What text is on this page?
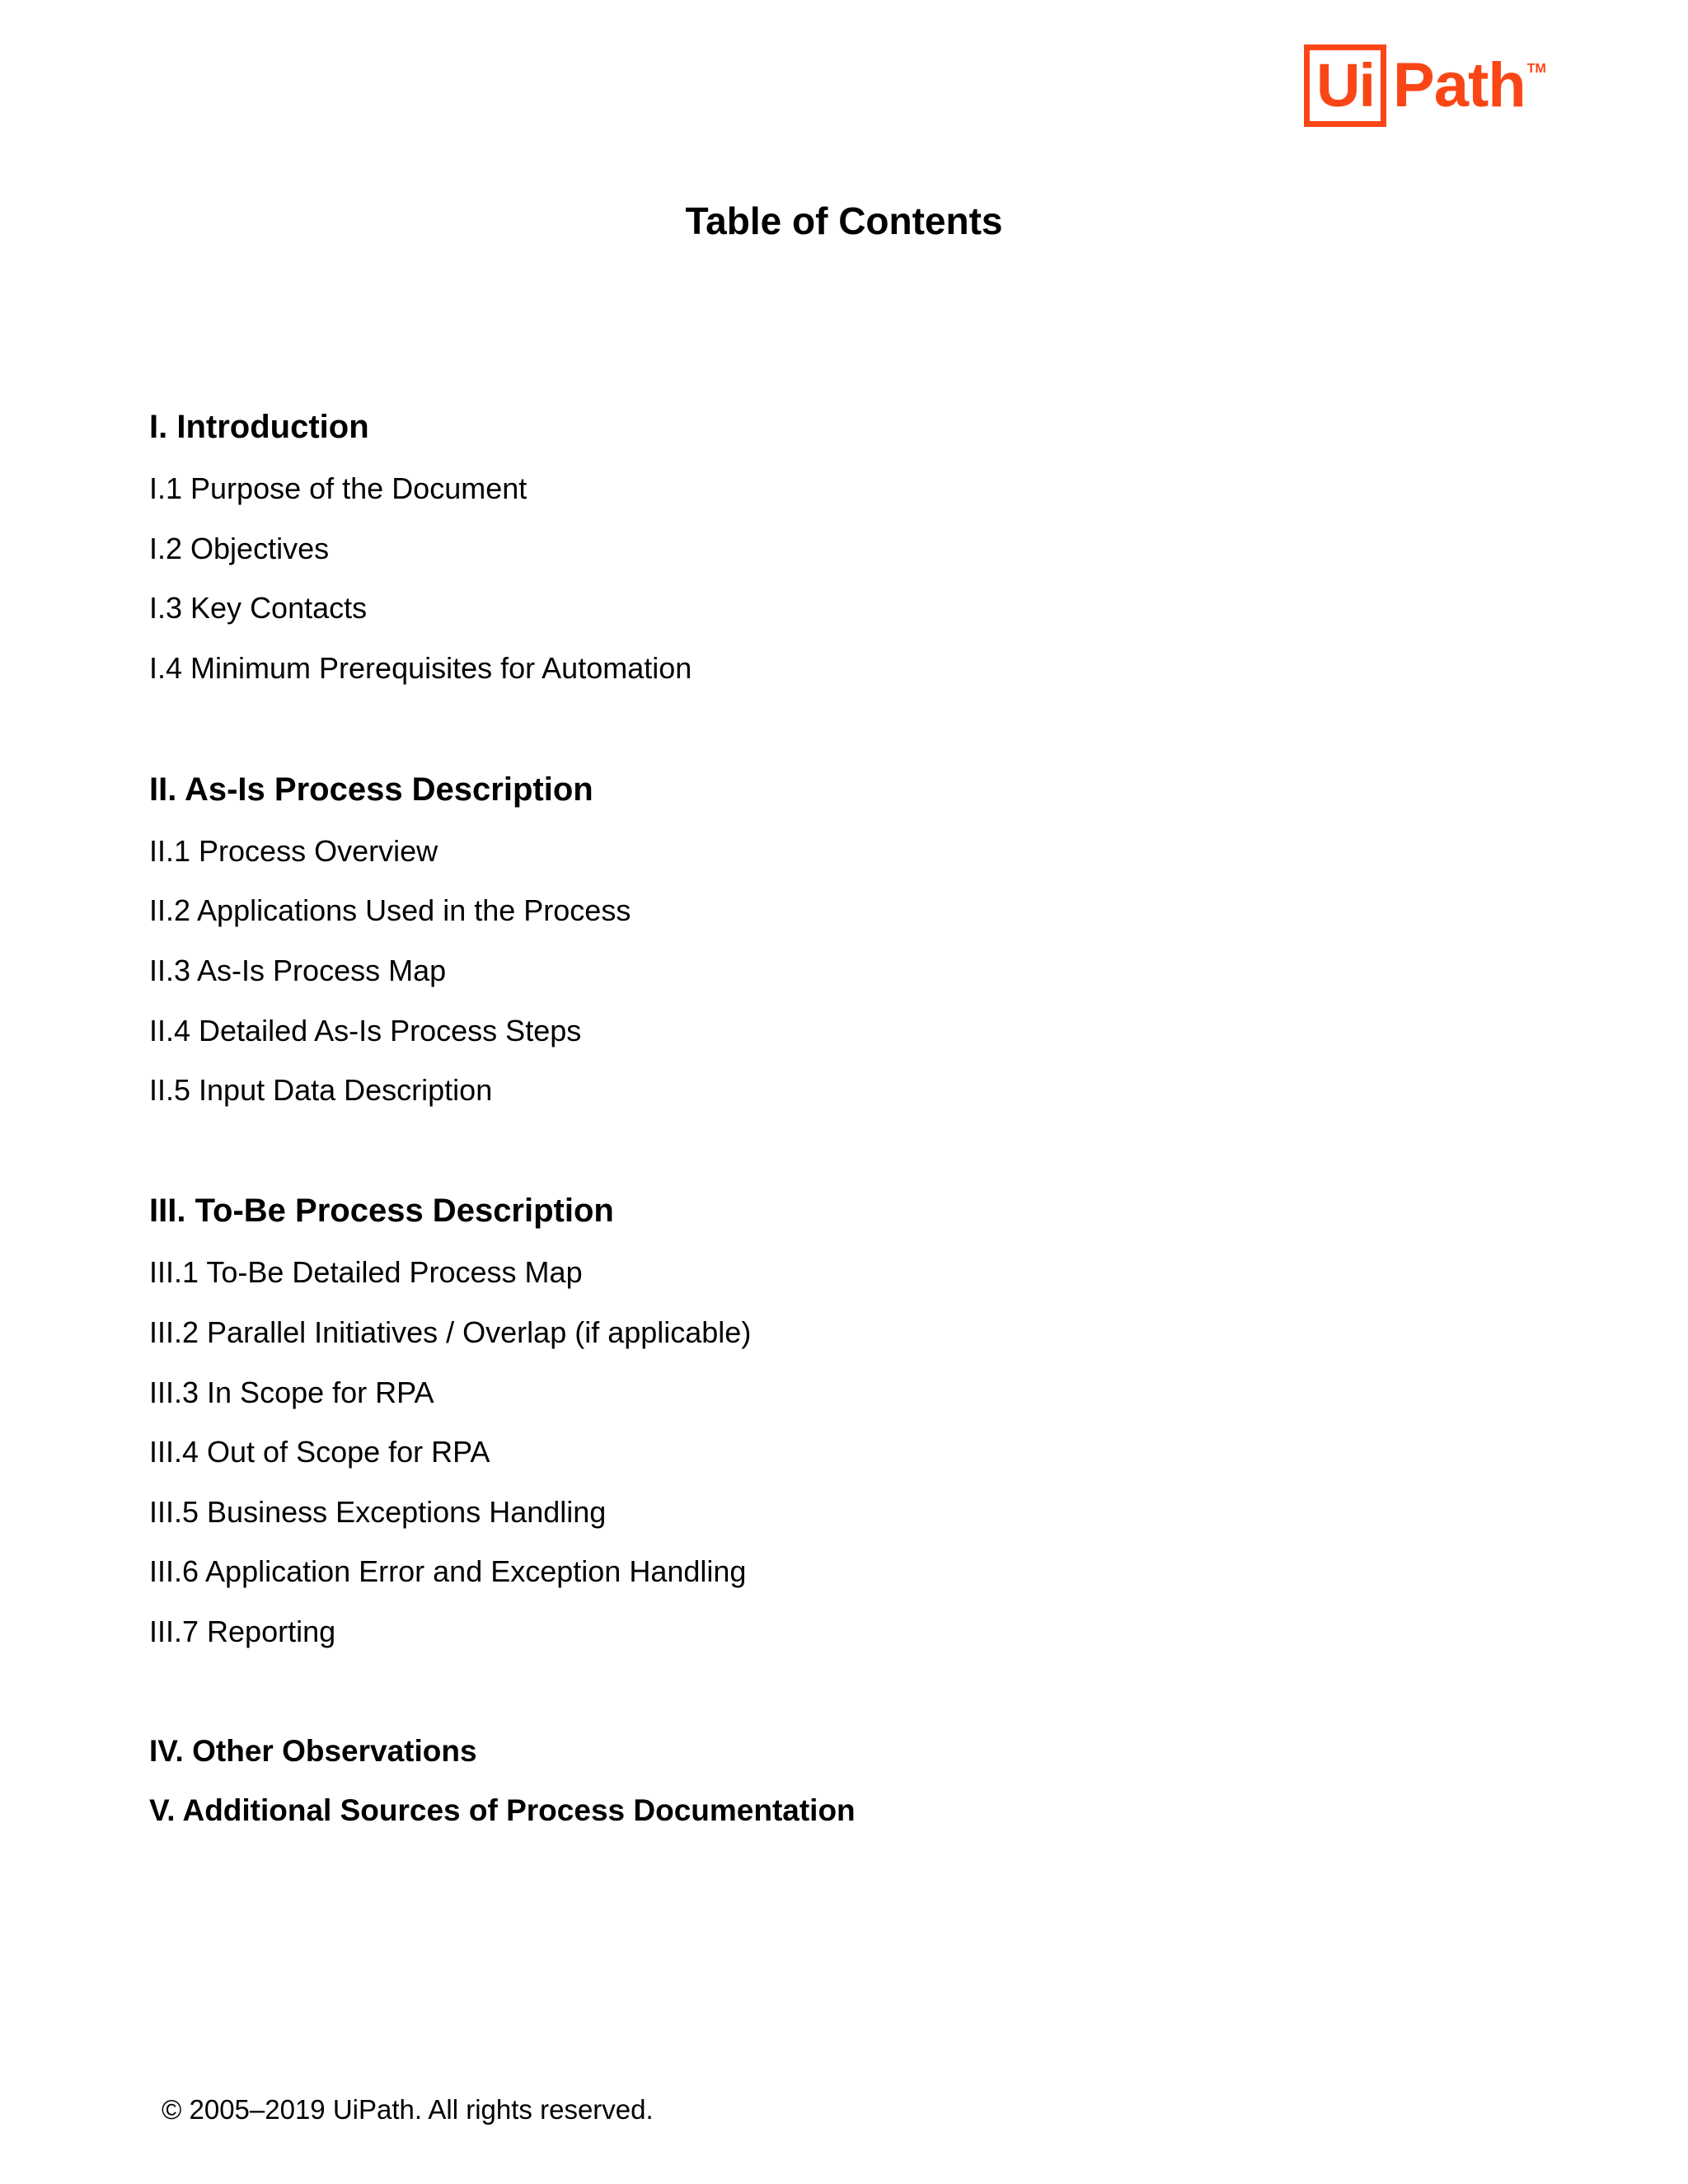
Ui Path TM
Table of Contents
I. Introduction

I.1 Purpose of the Document

I.2 Objectives

I.3 Key Contacts

I.4 Minimum Prerequisites for Automation

II. As-Is Process Description

II.1 Process Overview

II.2 Applications Used in the Process

II.3 As-Is Process Map

II.4 Detailed As-Is Process Steps

II.5 Input Data Description

III. To-Be Process Description

III.1 To-Be Detailed Process Map

III.2 Parallel Initiatives / Overlap (if applicable)

III.3 In Scope for RPA

III.4 Out of Scope for RPA

III.5 Business Exceptions Handling

III.6 Application Error and Exception Handling

III.7 Reporting

IV. Other Observations
V. Additional Sources of Process Documentation
© 2005–2019 UiPath. All rights reserved.
